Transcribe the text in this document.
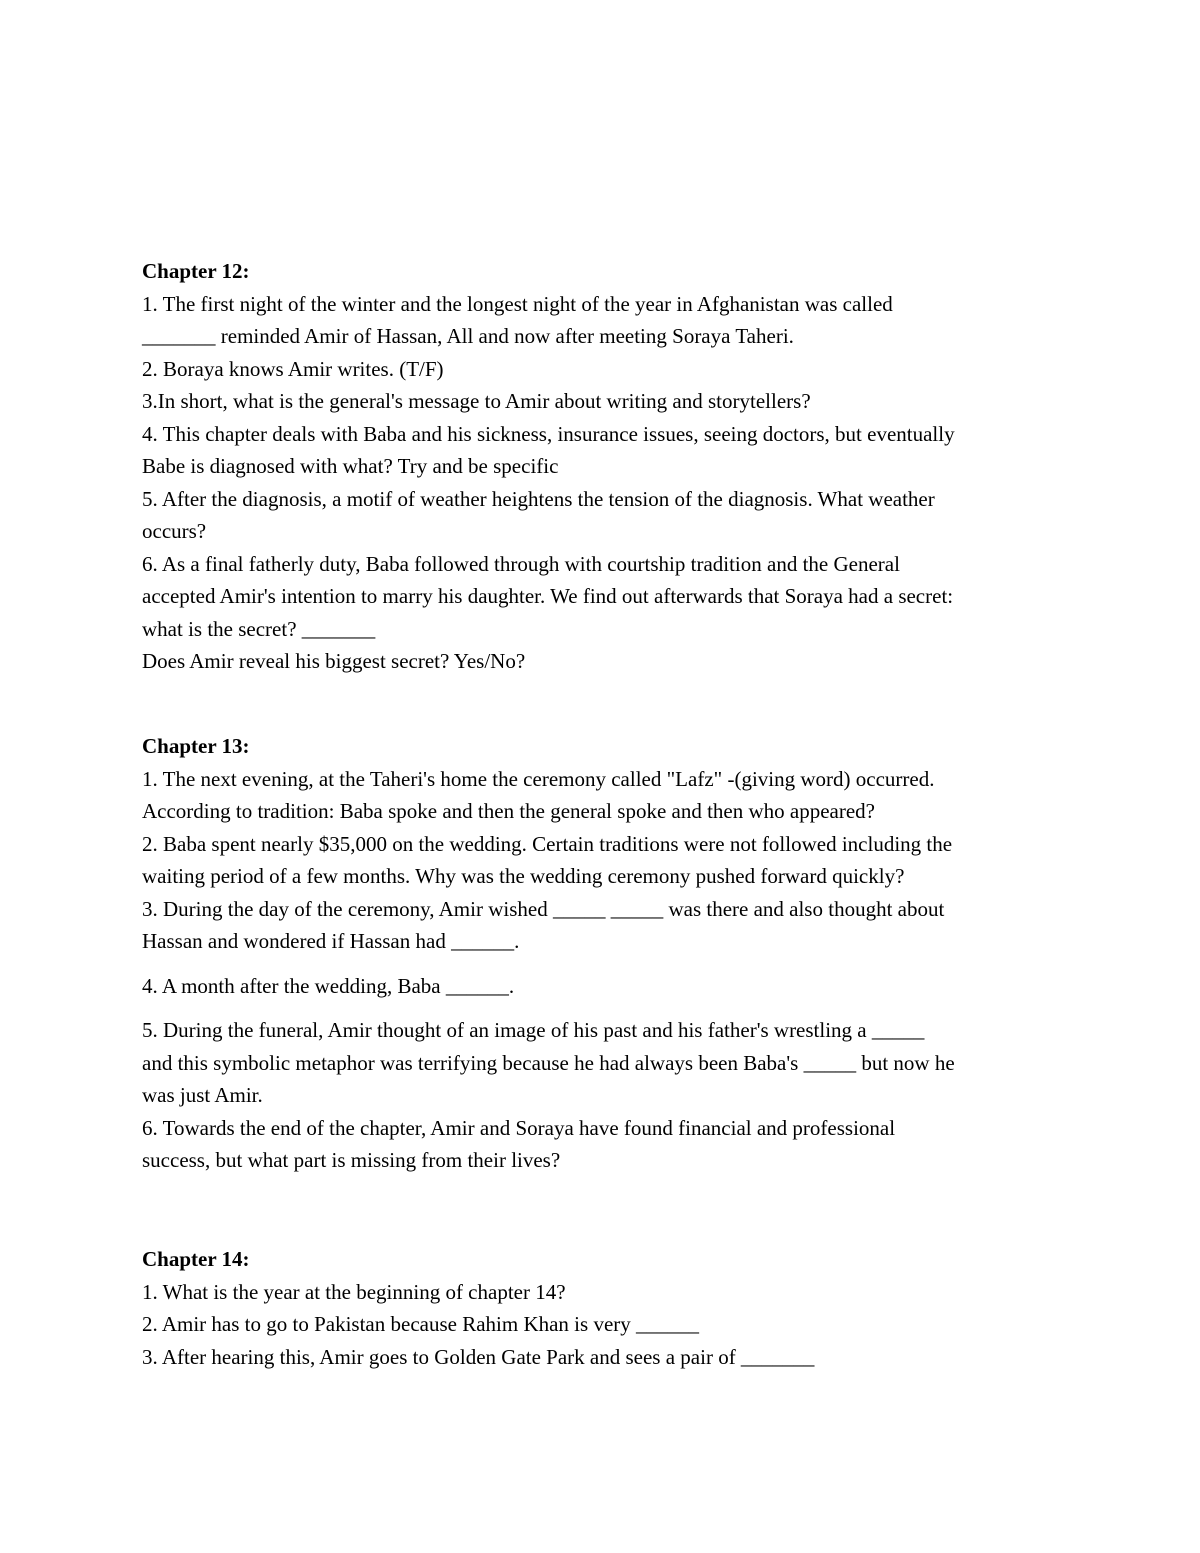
Chapter 12:
1. The first night of the winter and the longest night of the year in Afghanistan was called
_______ reminded Amir of Hassan, All and now after meeting Soraya Taheri.
2. Boraya knows Amir writes. (T/F)
3.In short, what is the general's message to Amir about writing and storytellers?
4. This chapter deals with Baba and his sickness, insurance issues, seeing doctors, but eventually
Babe is diagnosed with what? Try and be specific
5. After the diagnosis, a motif of weather heightens the tension of the diagnosis. What weather
occurs?
6. As a final fatherly duty, Baba followed through with courtship tradition and the General
accepted Amir's intention to marry his daughter. We find out afterwards that Soraya had a secret:
what is the secret? _______
Does Amir reveal his biggest secret? Yes/No?
Chapter 13:
1. The next evening, at the Taheri's home the ceremony called "Lafz" -(giving word) occurred.
According to tradition: Baba spoke and then the general spoke and then who appeared?
2. Baba spent nearly $35,000 on the wedding. Certain traditions were not followed including the
waiting period of a few months. Why was the wedding ceremony pushed forward quickly?
3. During the day of the ceremony, Amir wished _____ _____ was there and also thought about
Hassan and wondered if Hassan had ______.
4. A month after the wedding, Baba ______.
5. During the funeral, Amir thought of an image of his past and his father's wrestling a _____
and this symbolic metaphor was terrifying because he had always been Baba's _____ but now he
was just Amir.
6. Towards the end of the chapter, Amir and Soraya have found financial and professional
success, but what part is missing from their lives?
Chapter 14:
1. What is the year at the beginning of chapter 14?
2. Amir has to go to Pakistan because Rahim Khan is very ______
3. After hearing this, Amir goes to Golden Gate Park and sees a pair of _______
